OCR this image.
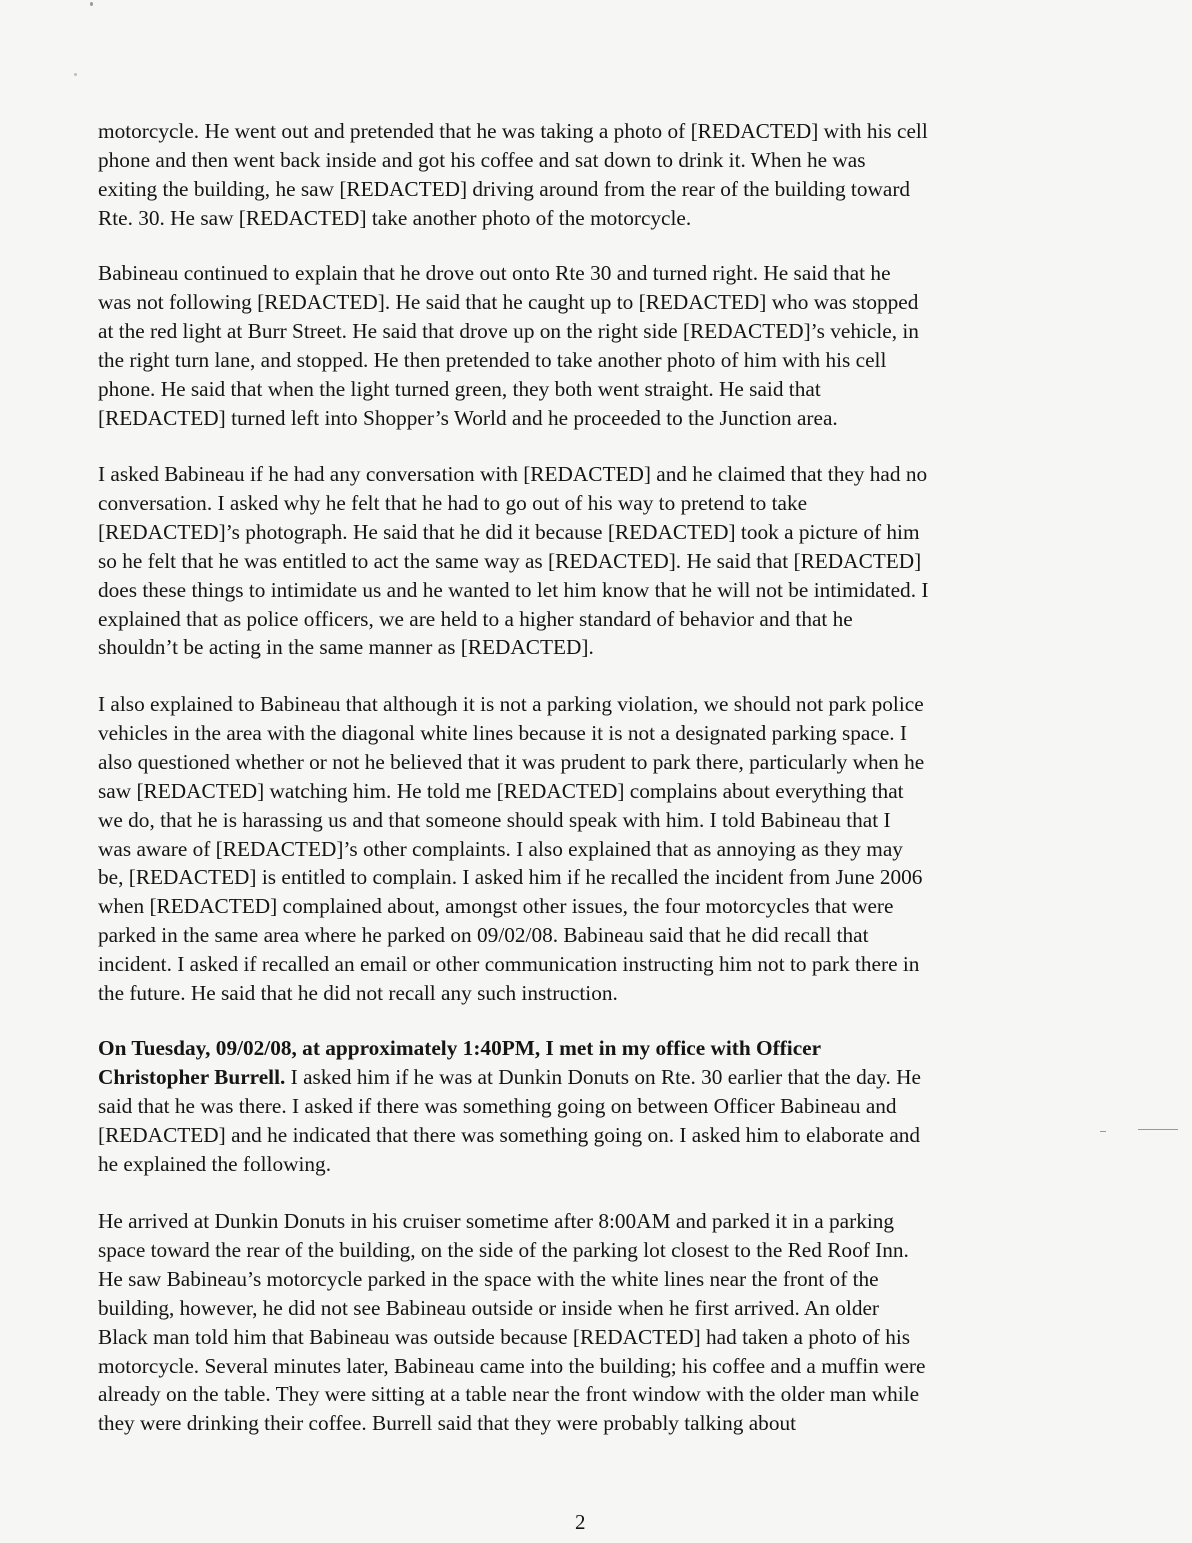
motorcycle. He went out and pretended that he was taking a photo of [REDACTED] with his cell
phone and then went back inside and got his coffee and sat down to drink it. When he was
exiting the building, he saw [REDACTED] driving around from the rear of the building toward
Rte. 30. He saw [REDACTED] take another photo of the motorcycle.
Babineau continued to explain that he drove out onto Rte 30 and turned right. He said that he
was not following [REDACTED]. He said that he caught up to [REDACTED] who was stopped
at the red light at Burr Street. He said that drove up on the right side [REDACTED]’s vehicle, in
the right turn lane, and stopped. He then pretended to take another photo of him with his cell
phone. He said that when the light turned green, they both went straight. He said that
[REDACTED] turned left into Shopper’s World and he proceeded to the Junction area.
I asked Babineau if he had any conversation with [REDACTED] and he claimed that they had no
conversation. I asked why he felt that he had to go out of his way to pretend to take
[REDACTED]’s photograph. He said that he did it because [REDACTED] took a picture of him
so he felt that he was entitled to act the same way as [REDACTED]. He said that [REDACTED]
does these things to intimidate us and he wanted to let him know that he will not be intimidated. I
explained that as police officers, we are held to a higher standard of behavior and that he
shouldn’t be acting in the same manner as [REDACTED].
I also explained to Babineau that although it is not a parking violation, we should not park police
vehicles in the area with the diagonal white lines because it is not a designated parking space. I
also questioned whether or not he believed that it was prudent to park there, particularly when he
saw [REDACTED] watching him. He told me [REDACTED] complains about everything that
we do, that he is harassing us and that someone should speak with him. I told Babineau that I
was aware of [REDACTED]’s other complaints. I also explained that as annoying as they may
be, [REDACTED] is entitled to complain. I asked him if he recalled the incident from June 2006
when [REDACTED] complained about, amongst other issues, the four motorcycles that were
parked in the same area where he parked on 09/02/08. Babineau said that he did recall that
incident. I asked if recalled an email or other communication instructing him not to park there in
the future. He said that he did not recall any such instruction.
On Tuesday, 09/02/08, at approximately 1:40PM, I met in my office with Officer
Christopher Burrell. I asked him if he was at Dunkin Donuts on Rte. 30 earlier that the day. He
said that he was there. I asked if there was something going on between Officer Babineau and
[REDACTED] and he indicated that there was something going on. I asked him to elaborate and
he explained the following.
He arrived at Dunkin Donuts in his cruiser sometime after 8:00AM and parked it in a parking
space toward the rear of the building, on the side of the parking lot closest to the Red Roof Inn.
He saw Babineau’s motorcycle parked in the space with the white lines near the front of the
building, however, he did not see Babineau outside or inside when he first arrived. An older
Black man told him that Babineau was outside because [REDACTED] had taken a photo of his
motorcycle. Several minutes later, Babineau came into the building; his coffee and a muffin were
already on the table. They were sitting at a table near the front window with the older man while
they were drinking their coffee. Burrell said that they were probably talking about
2
